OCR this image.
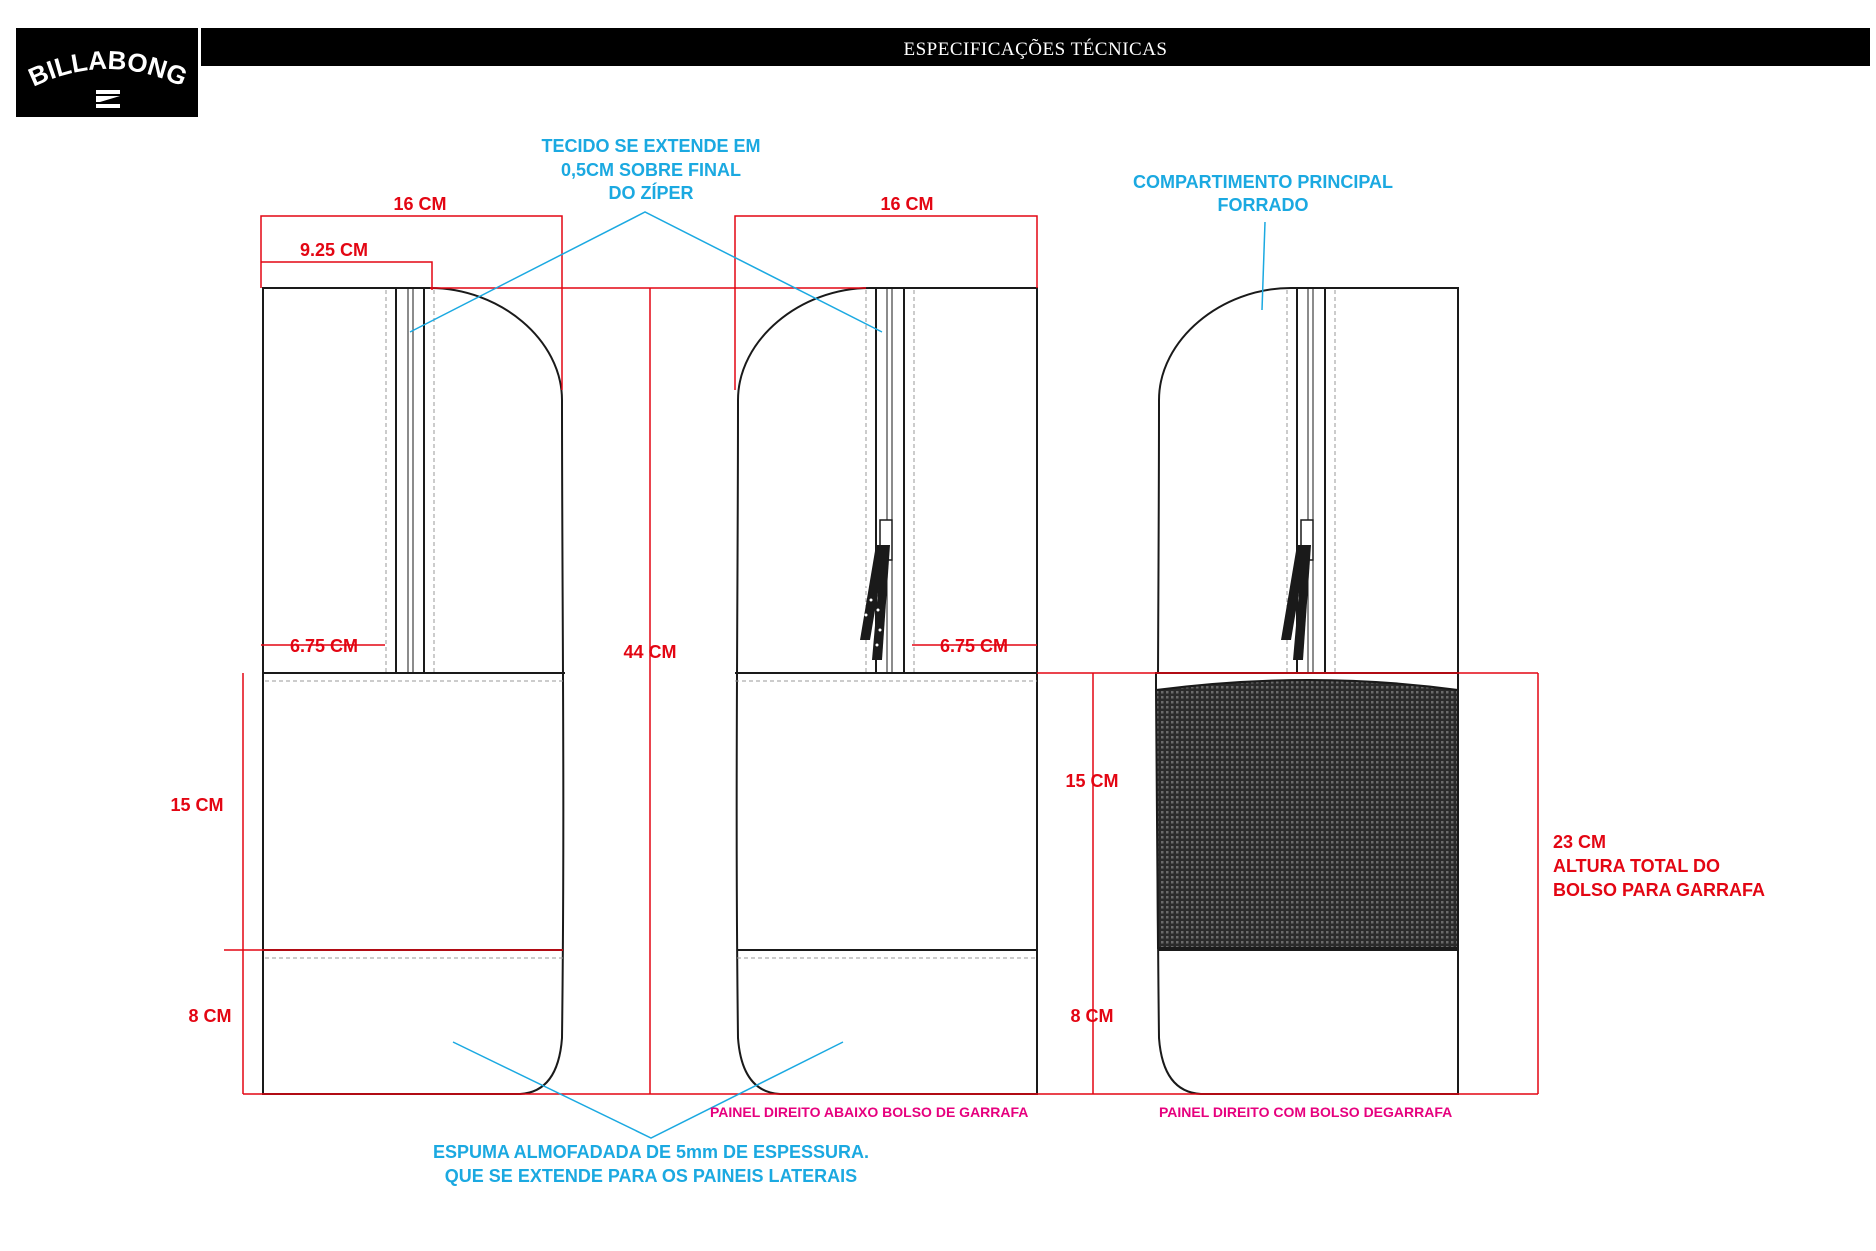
BILLABONG
ESPECIFICAÇÕES TÉCNICAS
TECIDO SE EXTENDE EM
0,5CM SOBRE FINAL
DO ZÍPER
COMPARTIMENTO PRINCIPAL
FORRADO
ESPUMA ALMOFADADA DE 5mm DE ESPESSURA.
QUE SE EXTENDE PARA OS PAINEIS LATERAIS
16 CM
9.25 CM
6.75 CM
15 CM
8 CM
44 CM
16 CM
6.75 CM
15 CM
8 CM
23 CM
ALTURA TOTAL DO
BOLSO PARA GARRAFA
PAINEL DIREITO ABAIXO BOLSO DE GARRAFA	PAINEL DIREITO COM BOLSO DEGARRAFA
